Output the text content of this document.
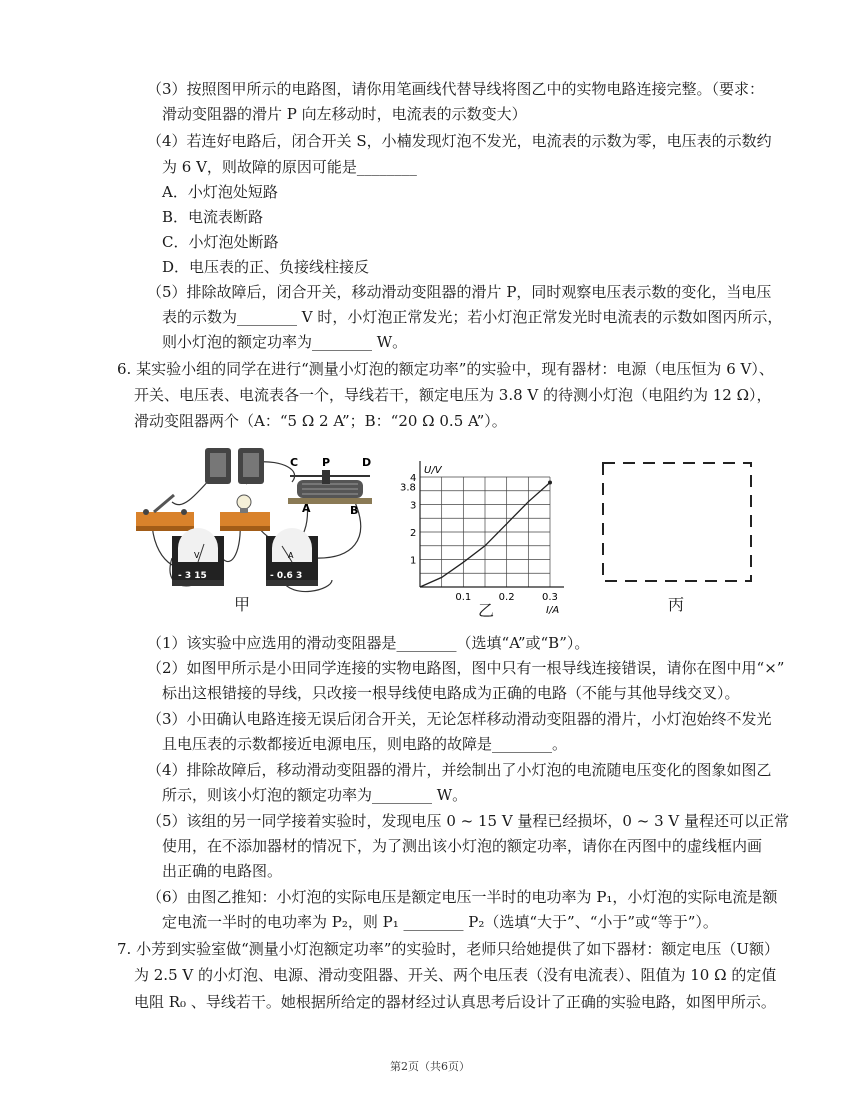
（3）按照图甲所示的电路图，请你用笔画线代替导线将图乙中的实物电路连接完整。（要求：
滑动变阻器的滑片 P 向左移动时，电流表的示数变大）
（4）若连好电路后，闭合开关 S，小楠发现灯泡不发光，电流表的示数为零，电压表的示数约
为 6 V，则故障的原因可能是________
A．小灯泡处短路
B．电流表断路
C．小灯泡处断路
D．电压表的正、负接线柱接反
（5）排除故障后，闭合开关，移动滑动变阻器的滑片 P，同时观察电压表示数的变化，当电压
表的示数为________ V 时，小灯泡正常发光；若小灯泡正常发光时电流表的示数如图丙所示，
则小灯泡的额定功率为________ W。
6. 某实验小组的同学在进行“测量小灯泡的额定功率”的实验中，现有器材：电源（电压恒为 6 V）、
开关、电压表、电流表各一个，导线若干，额定电压为 3.8 V 的待测小灯泡（电阻约为 12 Ω），
滑动变阻器两个（A：“5 Ω 2 A”；B：“20 Ω 0.5 A”）。
C P	D
A	B
V
- 3 15
A
- 0.6 3
甲	0.1	0.2	0.3
1
2
3
3.8
4
U/V
I/A
乙	丙
（1）该实验中应选用的滑动变阻器是________（选填“A”或“B”）。
（2）如图甲所示是小田同学连接的实物电路图，图中只有一根导线连接错误，请你在图中用“×”
标出这根错接的导线，只改接一根导线使电路成为正确的电路（不能与其他导线交叉）。
（3）小田确认电路连接无误后闭合开关，无论怎样移动滑动变阻器的滑片，小灯泡始终不发光
且电压表的示数都接近电源电压，则电路的故障是________。
（4）排除故障后，移动滑动变阻器的滑片，并绘制出了小灯泡的电流随电压变化的图象如图乙
所示，则该小灯泡的额定功率为________ W。
（5）该组的另一同学接着实验时，发现电压 0 ~ 15 V 量程已经损坏，0 ~ 3 V 量程还可以正常
使用，在不添加器材的情况下，为了测出该小灯泡的额定功率，请你在丙图中的虚线框内画
出正确的电路图。
（6）由图乙推知：小灯泡的实际电压是额定电压一半时的电功率为 P₁，小灯泡的实际电流是额
定电流一半时的电功率为 P₂，则 P₁ ________ P₂（选填“大于”、“小于”或“等于”）。
7. 小芳到实验室做“测量小灯泡额定功率”的实验时，老师只给她提供了如下器材：额定电压（U额）
为 2.5 V 的小灯泡、电源、滑动变阻器、开关、两个电压表（没有电流表）、阻值为 10 Ω 的定值
电阻 R₀ 、导线若干。她根据所给定的器材经过认真思考后设计了正确的实验电路，如图甲所示。
第2页（共6页）
